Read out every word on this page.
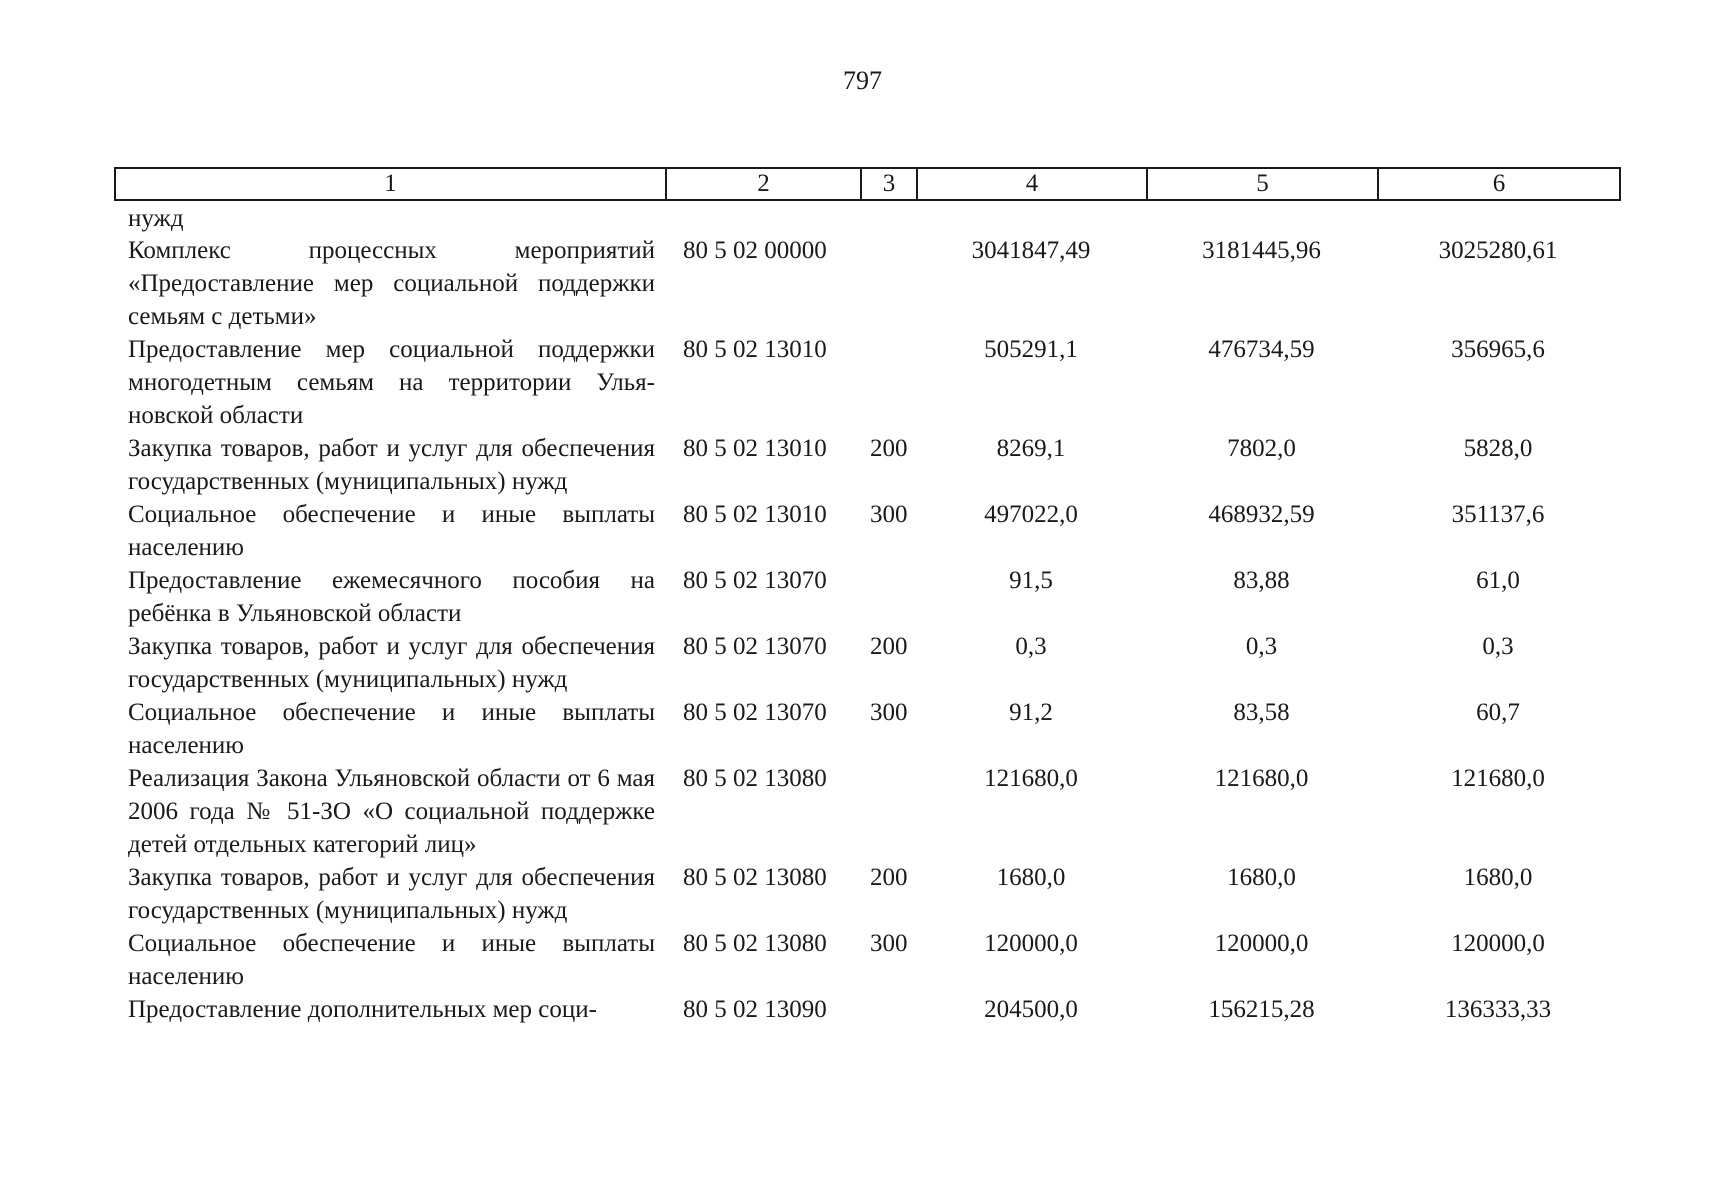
797
1	2	3	4	5	6
нужд					
Комплекс процессных мероприятий «Предоставление мер социальной поддержки семьям с детьми»	80 5 02 00000		3041847,49	3181445,96	3025280,61
Предоставление мер социальной поддержки многодетным семьям на территории Ульяновской области	80 5 02 13010		505291,1	476734,59	356965,6
Закупка товаров, работ и услуг для обеспечения государственных (муниципальных) нужд	80 5 02 13010	200	8269,1	7802,0	5828,0
Социальное обеспечение и иные выплаты населению	80 5 02 13010	300	497022,0	468932,59	351137,6
Предоставление ежемесячного пособия на ребёнка в Ульяновской области	80 5 02 13070		91,5	83,88	61,0
Закупка товаров, работ и услуг для обеспечения государственных (муниципальных) нужд	80 5 02 13070	200	0,3	0,3	0,3
Социальное обеспечение и иные выплаты населению	80 5 02 13070	300	91,2	83,58	60,7
Реализация Закона Ульяновской области от 6 мая 2006 года № 51-ЗО «О социальной поддержке детей отдельных категорий лиц»	80 5 02 13080		121680,0	121680,0	121680,0
Закупка товаров, работ и услуг для обеспечения государственных (муниципальных) нужд	80 5 02 13080	200	1680,0	1680,0	1680,0
Социальное обеспечение и иные выплаты населению	80 5 02 13080	300	120000,0	120000,0	120000,0
Предоставление дополнительных мер соци-	80 5 02 13090		204500,0	156215,28	136333,33
